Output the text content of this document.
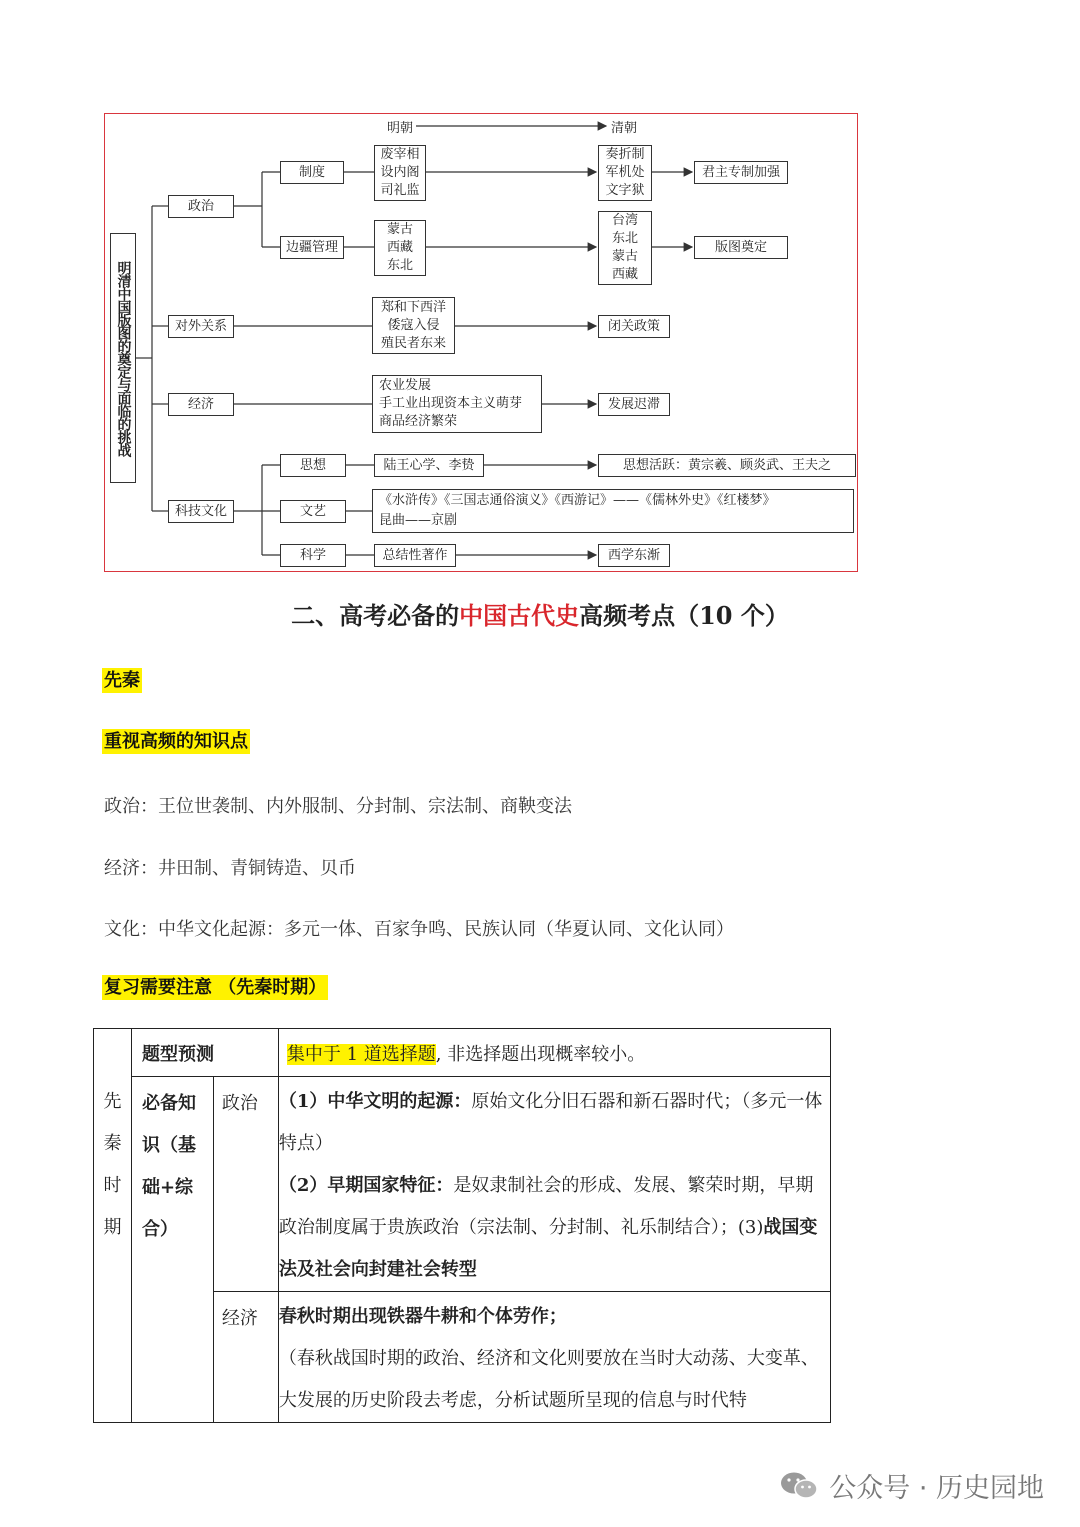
明朝	清朝
明清中国版图的奠定与面临的挑战
政治
对外关系
经济
科技文化
制度
边疆管理
思想
文艺
科学
废宰相
设内阁
司礼监
蒙古
西藏
东北
郑和下西洋
倭寇入侵
殖民者东来
农业发展
手工业出现资本主义萌芽
商品经济繁荣
陆王心学、李贽
《水浒传》《三国志通俗演义》《西游记》——《儒林外史》《红楼梦》
昆曲——京剧
总结性著作
奏折制
军机处
文字狱
台湾
东北
蒙古
西藏
君主专制加强
版图奠定
闭关政策
发展迟滞
思想活跃：黄宗羲、顾炎武、王夫之
西学东渐
二、高考必备的中国古代史高频考点（10 个）
先秦
重视高频的知识点
政治：王位世袭制、内外服制、分封制、宗法制、商鞅变法
经济：井田制、青铜铸造、贝币
文化：中华文化起源：多元一体、百家争鸣、民族认同（华夏认同、文化认同）
复习需要注意 （先秦时期）
先秦时期	题型预测		集中于 1 道选择题, 非选择题出现概率较小。
	必备知识（基础+综合）	政治	（1）中华文明的起源：原始文化分旧石器和新石器时代；（多元一体特点）
（2）早期国家特征：是奴隶制社会的形成、发展、繁荣时期，早期政治制度属于贵族政治（宗法制、分封制、礼乐制结合）；(3)战国变法及社会向封建社会转型
		经济	春秋时期出现铁器牛耕和个体劳作；
（春秋战国时期的政治、经济和文化则要放在当时大动荡、大变革、大发展的历史阶段去考虑，分析试题所呈现的信息与时代特
公众号 · 历史园地
